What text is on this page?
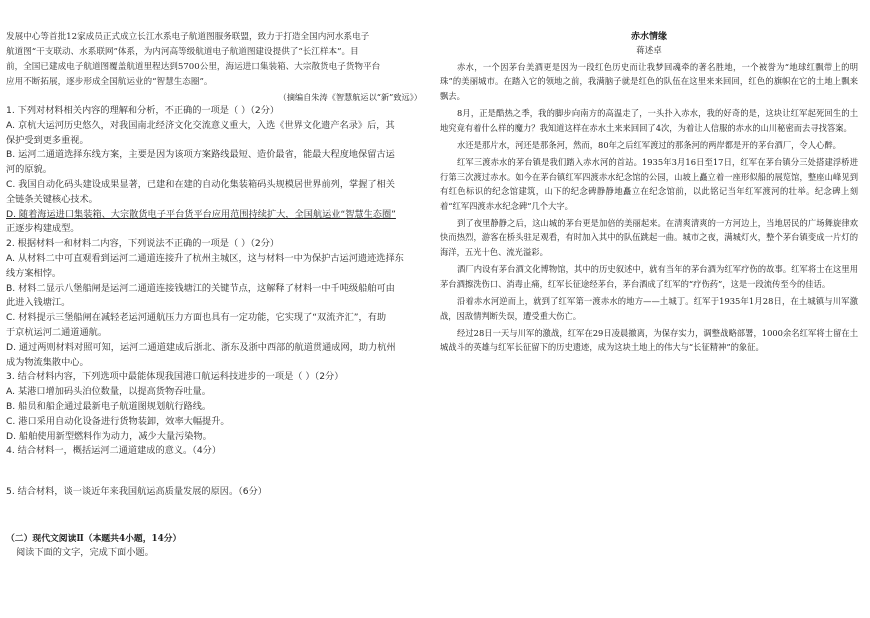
发展中心等首批12家成员正式成立长江水系电子航道图服务联盟，致力于打造全国内河水系电子

航道图“干支联动、水系联网”体系，为内河高等级航道电子航道图建设提供了“长江样本”。目

前，全国已建成电子航道图覆盖航道里程达到5700公里，海运进口集装箱、大宗散货电子货物平台

应用不断拓展，逐步形成全国航运业的“智慧生态圈”。

（摘编自朱涛《智慧航运以“新”致远》）

1. 下列对材料相关内容的理解和分析，不正确的一项是（ ）（2分）

A. 京杭大运河历史悠久，对我国南北经济文化交流意义重大，入选《世界文化遗产名录》后，其

保护受到更多重视。

B. 运河二通道选择东线方案，主要是因为该项方案路线最短、造价最省，能最大程度地保留古运

河的原貌。

C. 我国自动化码头建设成果显著，已建和在建的自动化集装箱码头规模居世界前列，掌握了相关

全链条关键核心技术。

D. 随着海运进口集装箱、大宗散货电子平台货平台应用范围持续扩大，全国航运业“智慧生态圈”

正逐步构建成型。

2. 根据材料一和材料二内容，下列说法不正确的一项是（ ）（2分）

A. 从材料二中可直观看到运河二通道连接升了杭州主城区，这与材料一中为保护古运河遗迹选择东

线方案相悖。

B. 材料二显示八堡船闸是运河二通道连接钱塘江的关键节点，这解释了材料一中千吨级船舶可由

此进入钱塘江。

C. 材料提示三堡船闸在减轻老运河通航压力方面也具有一定功能，它实现了“双流齐汇”，有助

于京杭运河二通道通航。

D. 通过两则材料对照可知，运河二通道建成后浙北、浙东及浙中西部的航道贯通成网，助力杭州

成为物流集散中心。

3. 结合材料内容，下列选项中最能体现我国港口航运科技进步的一项是（ ）（2分）

A. 某港口增加码头泊位数量，以提高货物吞吐量。

B. 船员和船企通过最新电子航道图规划航行路线。

C. 港口采用自动化设备进行货物装卸，效率大幅提升。

D. 船舶使用新型燃料作为动力，减少大量污染物。

4. 结合材料一，概括运河二通道建成的意义。（4分）

5. 结合材料，谈一谈近年来我国航运高质量发展的原因。（6分）

（二）现代文阅读Ⅱ（本题共4小题，14分）

阅读下面的文字，完成下面小题。

赤水情缘

蒋述卓

赤水，一个因茅台美酒更是因为一段红色历史而让我梦回魂牵的著名胜地，一个被誉为“地球红飘带上的明珠”的美丽城市。在踏入它的领地之前，我满脑子就是红色的队伍在这里来来回回，红色的旗帜在它的土地上飘来飘去。

8月，正是酷热之季，我的脚步向南方的高温走了，一头扑入赤水，我的好奇的是，这块让红军起死回生的土地究竟有着什么样的魔力？我知道这样在赤水土来来回回了4次，为着让人信服的赤水的山川秘密而去寻找答案。

水还是那片水，河还是那条河，然而，80年之后红军渡过的那条河的两岸都是开的茅台酒厂，令人心醉。

红军三渡赤水的茅台镇是我们踏入赤水河的首站。1935年3月16日至17日，红军在茅台镇分三处搭建浮桥进行第三次渡过赤水。如今在茅台镇红军四渡赤水纪念馆的公园，山坡上矗立着一座形似船的展览馆，整座山峰见到有红色标识的纪念馆建筑，山下的纪念碑静静地矗立在纪念馆前，以此铭记当年红军渡河的壮举。纪念碑上刻着“红军四渡赤水纪念碑”几个大字。

到了夜里静静之后，这山城的茅台更是加倍的美丽起来。在清爽清爽的一方河边上，当地居民的广场舞旋律欢快而热烈，游客在桥头驻足观看，有时加入其中的队伍跳起一曲。城市之夜，满城灯火，整个茅台镇变成一片灯的海洋，五光十色、流光溢彩。

酒厂内设有茅台酒文化博物馆，其中的历史叙述中，就有当年的茅台酒为红军疗伤的故事。红军将士在这里用茅台酒擦洗伤口、消毒止痛，红军长征途经茅台，茅台酒成了红军的“疗伤药”，这是一段流传至今的佳话。

沿着赤水河逆而上，就到了红军第一渡赤水的地方——土城丁。红军于1935年1月28日，在土城镇与川军激战，因敌情判断失误，遭受重大伤亡。

经过28日一天与川军的激战，红军在29日凌晨撤离，为保存实力，调整战略部署，1000余名红军将士留在土城战斗的英雄与红军长征留下的历史遗迹，成为这块土地上的伟大与“长征精神”的象征。
